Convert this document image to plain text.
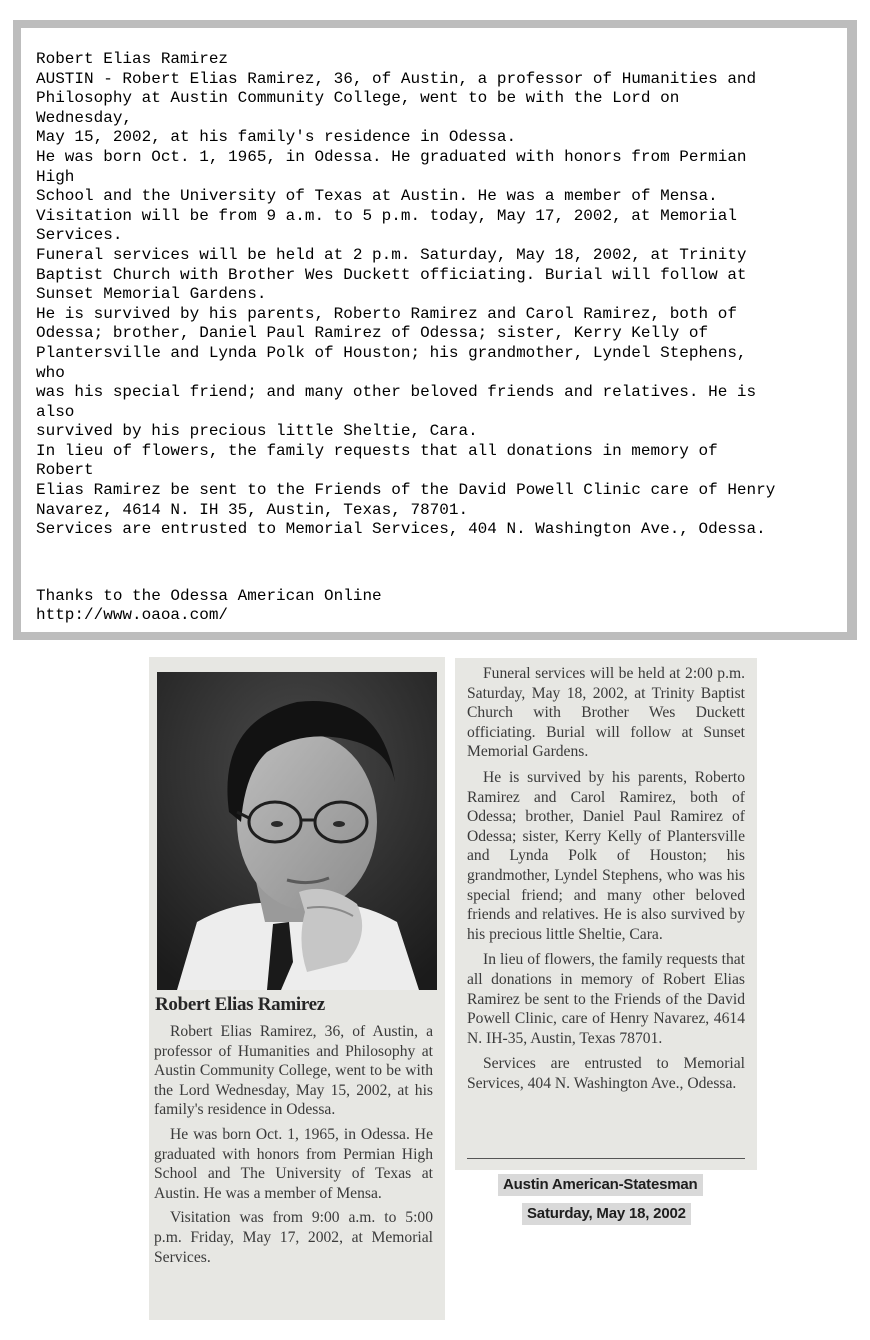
Robert Elias Ramirez
AUSTIN - Robert Elias Ramirez, 36, of Austin, a professor of Humanities and
Philosophy at Austin Community College, went to be with the Lord on
Wednesday,
May 15, 2002, at his family's residence in Odessa.
He was born Oct. 1, 1965, in Odessa. He graduated with honors from Permian
High
School and the University of Texas at Austin. He was a member of Mensa.
Visitation will be from 9 a.m. to 5 p.m. today, May 17, 2002, at Memorial
Services.
Funeral services will be held at 2 p.m. Saturday, May 18, 2002, at Trinity
Baptist Church with Brother Wes Duckett officiating. Burial will follow at
Sunset Memorial Gardens.
He is survived by his parents, Roberto Ramirez and Carol Ramirez, both of
Odessa; brother, Daniel Paul Ramirez of Odessa; sister, Kerry Kelly of
Plantersville and Lynda Polk of Houston; his grandmother, Lyndel Stephens,
who
was his special friend; and many other beloved friends and relatives. He is
also
survived by his precious little Sheltie, Cara.
In lieu of flowers, the family requests that all donations in memory of
Robert
Elias Ramirez be sent to the Friends of the David Powell Clinic care of Henry
Navarez, 4614 N. IH 35, Austin, Texas, 78701.
Services are entrusted to Memorial Services, 404 N. Washington Ave., Odessa.
Thanks to the Odessa American Online
http://www.oaoa.com/
Robert Elias Ramirez

Robert Elias Ramirez, 36, of Austin, a professor of Humanities and Philosophy at Austin Community College, went to be with the Lord Wednesday, May 15, 2002, at his family's residence in Odessa.

He was born Oct. 1, 1965, in Odessa. He graduated with honors from Permian High School and The University of Texas at Austin. He was a member of Mensa.

Visitation was from 9:00 a.m. to 5:00 p.m. Friday, May 17, 2002, at Memorial Services.

Funeral services will be held at 2:00 p.m. Saturday, May 18, 2002, at Trinity Baptist Church with Brother Wes Duckett officiating. Burial will follow at Sunset Memorial Gardens.

He is survived by his parents, Roberto Ramirez and Carol Ramirez, both of Odessa; brother, Daniel Paul Ramirez of Odessa; sister, Kerry Kelly of Plantersville and Lynda Polk of Houston; his grandmother, Lyndel Stephens, who was his special friend; and many other beloved friends and relatives. He is also survived by his precious little Sheltie, Cara.

In lieu of flowers, the family requests that all donations in memory of Robert Elias Ramirez be sent to the Friends of the David Powell Clinic, care of Henry Navarez, 4614 N. IH-35, Austin, Texas 78701.

Services are entrusted to Memorial Services, 404 N. Washington Ave., Odessa.

Austin American-Statesman
Saturday, May 18, 2002
